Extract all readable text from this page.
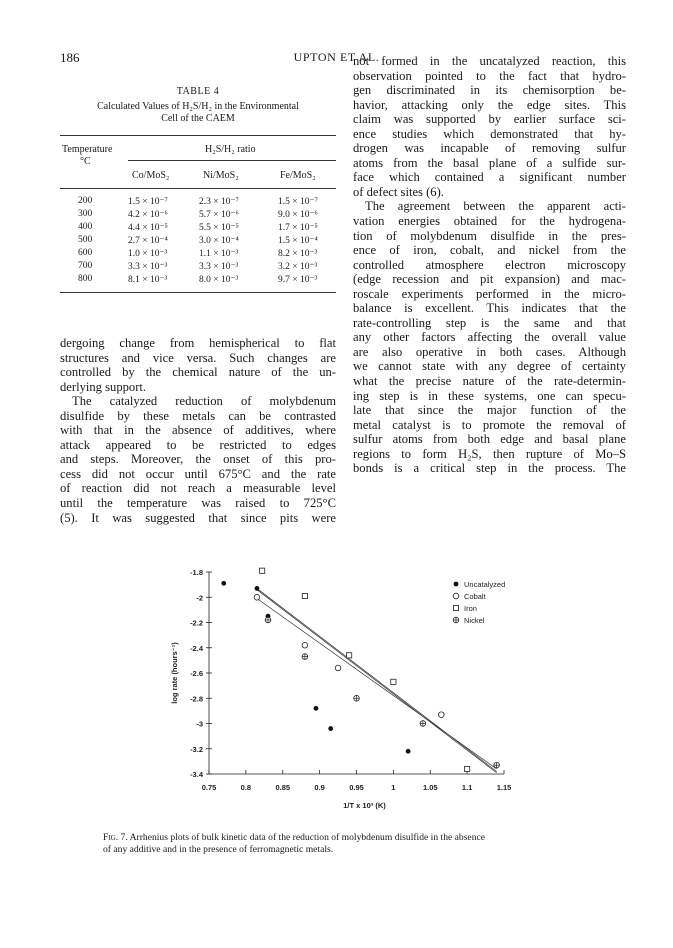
186	UPTON ET AL.
TABLE 4
Calculated Values of H₂S/H₂ in the Environmental
Cell of the CAEM
Temperature
°C
H₂S/H₂ ratio
Co/MoS₂	Ni/MoS₂	Fe/MoS₂
200	1.5 × 10⁻⁷	2.3 × 10⁻⁷	1.5 × 10⁻⁷
300	4.2 × 10⁻⁶	5.7 × 10⁻⁶	9.0 × 10⁻⁶
400	4.4 × 10⁻⁵	5.5 × 10⁻⁵	1.7 × 10⁻⁵
500	2.7 × 10⁻⁴	3.0 × 10⁻⁴	1.5 × 10⁻⁴
600	1.0 × 10⁻³	1.1 × 10⁻³	8.2 × 10⁻³
700	3.3 × 10⁻³	3.3 × 10⁻³	3.2 × 10⁻³
800	8.1 × 10⁻³	8.0 × 10⁻³	9.7 × 10⁻³
dergoing change from hemispherical to flat
structures and vice versa. Such changes are
controlled by the chemical nature of the un-
derlying support.
The catalyzed reduction of molybdenum
disulfide by these metals can be contrasted
with that in the absence of additives, where
attack appeared to be restricted to edges
and steps. Moreover, the onset of this pro-
cess did not occur until 675°C and the rate
of reaction did not reach a measurable level
until the temperature was raised to 725°C
(5). It was suggested that since pits were
not formed in the uncatalyzed reaction, this
observation pointed to the fact that hydro-
gen discriminated in its chemisorption be-
havior, attacking only the edge sites. This
claim was supported by earlier surface sci-
ence studies which demonstrated that hy-
drogen was incapable of removing sulfur
atoms from the basal plane of a sulfide sur-
face which contained a significant number
of defect sites (6).
The agreement between the apparent acti-
vation energies obtained for the hydrogena-
tion of molybdenum disulfide in the pres-
ence of iron, cobalt, and nickel from the
controlled atmosphere electron microscopy
(edge recession and pit expansion) and mac-
roscale experiments performed in the micro-
balance is excellent. This indicates that the
rate-controlling step is the same and that
any other factors affecting the overall value
are also operative in both cases. Although
we cannot state with any degree of certainty
what the precise nature of the rate-determin-
ing step is in these systems, one can specu-
late that since the major function of the
metal catalyst is to promote the removal of
sulfur atoms from both edge and basal plane
regions to form H₂S, then rupture of Mo–S
bonds is a critical step in the process. The
0.75	0.8	0.85	0.9	0.95	1	1.05	1.1	1.15
-1.8
-2
-2.2
-2.4
-2.6
-2.8
-3
-3.2
-3.4
1/T x 10³ (K)
log rate (hours⁻¹)
Uncatalyzed
Cobalt
Iron
Nickel
Fig. 7. Arrhenius plots of bulk kinetic data of the reduction of molybdenum disulfide in the absence
of any additive and in the presence of ferromagnetic metals.
